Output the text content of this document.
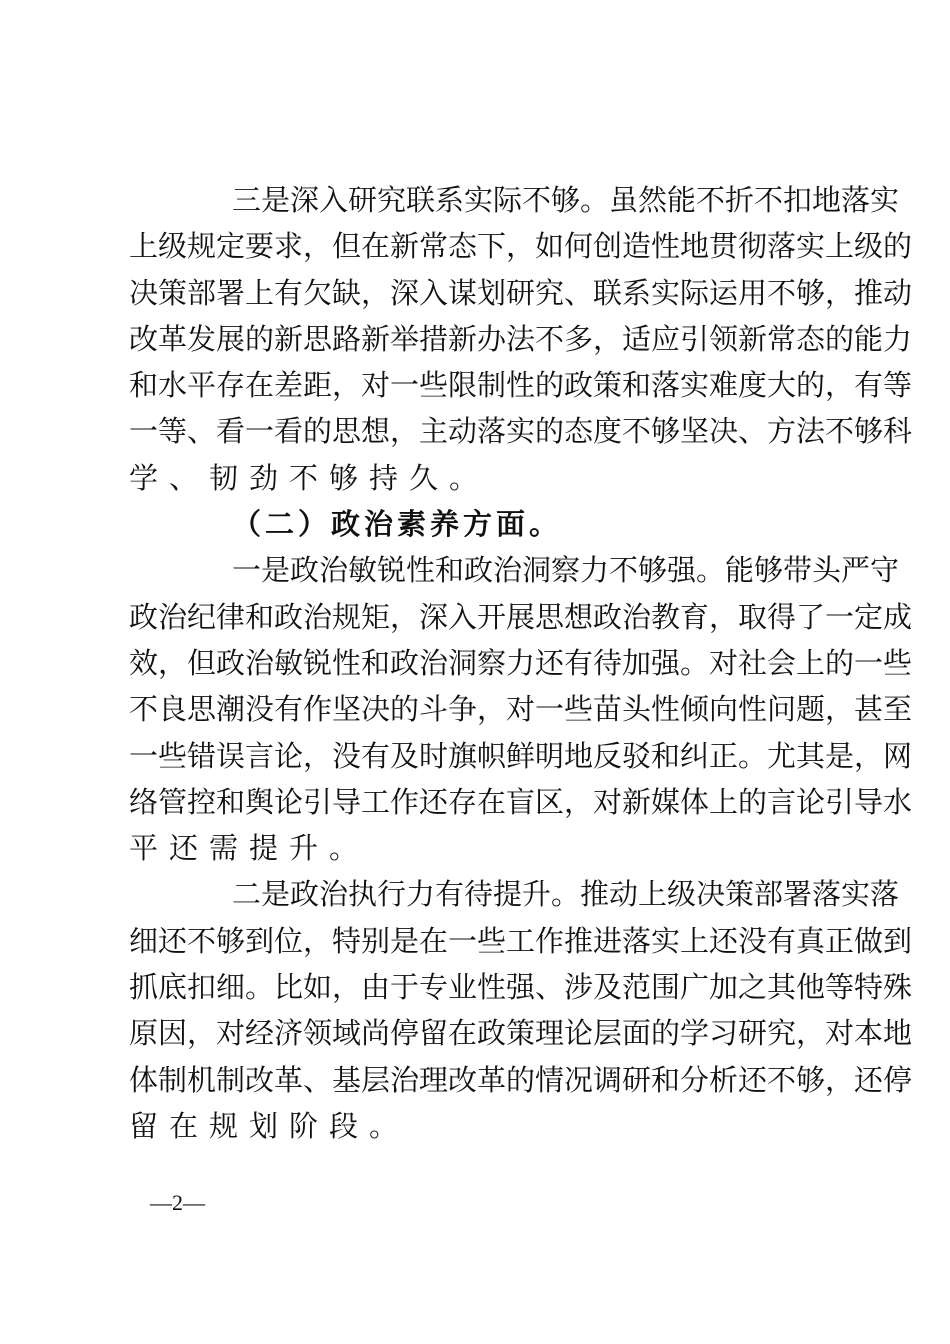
三是深入研究联系实际不够。虽然能不折不扣地落实
上级规定要求，但在新常态下，如何创造性地贯彻落实上级的
决策部署上有欠缺，深入谋划研究、联系实际运用不够，推动
改革发展的新思路新举措新办法不多，适应引领新常态的能力
和水平存在差距，对一些限制性的政策和落实难度大的，有等
一等、看一看的思想，主动落实的态度不够坚决、方法不够科
学、韧劲不够持久。
（二）政治素养方面。
一是政治敏锐性和政治洞察力不够强。能够带头严守
政治纪律和政治规矩，深入开展思想政治教育，取得了一定成
效，但政治敏锐性和政治洞察力还有待加强。对社会上的一些
不良思潮没有作坚决的斗争，对一些苗头性倾向性问题，甚至
一些错误言论，没有及时旗帜鲜明地反驳和纠正。尤其是，网
络管控和舆论引导工作还存在盲区，对新媒体上的言论引导水
平还需提升。
二是政治执行力有待提升。推动上级决策部署落实落
细还不够到位，特别是在一些工作推进落实上还没有真正做到
抓底扣细。比如，由于专业性强、涉及范围广加之其他等特殊
原因，对经济领域尚停留在政策理论层面的学习研究，对本地
体制机制改革、基层治理改革的情况调研和分析还不够，还停
留在规划阶段。
—2—
